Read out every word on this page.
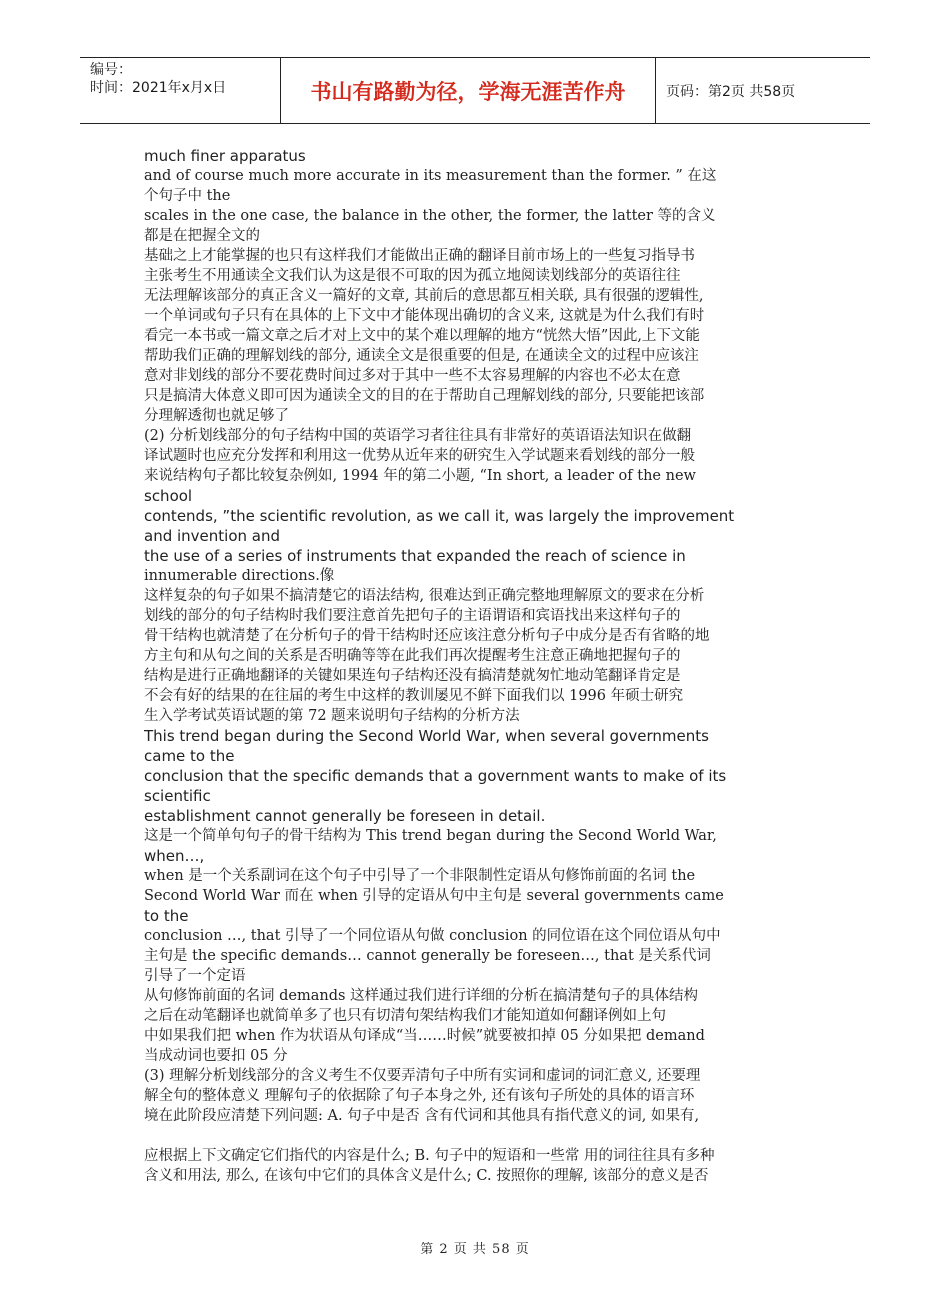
编号：
时间：2021年x月x日	书山有路勤为径，学海无涯苦作舟	页码：第2页 共58页
much finer apparatus
and of course much more accurate in its measurement than the former. ” 在这
个句子中 the
scales in the one case, the balance in the other, the former, the latter 等的含义
都是在把握全文的
基础之上才能掌握的也只有这样我们才能做出正确的翻译目前市场上的一些复习指导书
主张考生不用通读全文我们认为这是很不可取的因为孤立地阅读划线部分的英语往往
无法理解该部分的真正含义一篇好的文章, 其前后的意思都互相关联, 具有很强的逻辑性,
一个单词或句子只有在具体的上下文中才能体现出确切的含义来, 这就是为什么我们有时
看完一本书或一篇文章之后才对上文中的某个难以理解的地方“恍然大悟”因此,上下文能
帮助我们正确的理解划线的部分, 通读全文是很重要的但是, 在通读全文的过程中应该注
意对非划线的部分不要花费时间过多对于其中一些不太容易理解的内容也不必太在意
只是搞清大体意义即可因为通读全文的目的在于帮助自己理解划线的部分, 只要能把该部
分理解透彻也就足够了
(2) 分析划线部分的句子结构中国的英语学习者往往具有非常好的英语语法知识在做翻
译试题时也应充分发挥和利用这一优势从近年来的研究生入学试题来看划线的部分一般
来说结构句子都比较复杂例如, 1994 年的第二小题, “In short, a leader of the new
school
contends, ”the scientific revolution, as we call it, was largely the improvement
and invention and
the use of a series of instruments that expanded the reach of science in
innumerable directions.像
这样复杂的句子如果不搞清楚它的语法结构, 很难达到正确完整地理解原文的要求在分析
划线的部分的句子结构时我们要注意首先把句子的主语谓语和宾语找出来这样句子的
骨干结构也就清楚了在分析句子的骨干结构时还应该注意分析句子中成分是否有省略的地
方主句和从句之间的关系是否明确等等在此我们再次提醒考生注意正确地把握句子的
结构是进行正确地翻译的关键如果连句子结构还没有搞清楚就匆忙地动笔翻译肯定是
不会有好的结果的在往届的考生中这样的教训屡见不鲜下面我们以 1996 年硕士研究
生入学考试英语试题的第 72 题来说明句子结构的分析方法
This trend began during the Second World War, when several governments
came to the
conclusion that the specific demands that a government wants to make of its
scientific
establishment cannot generally be foreseen in detail.
这是一个简单句句子的骨干结构为 This trend began during the Second World War,
when…,
when 是一个关系副词在这个句子中引导了一个非限制性定语从句修饰前面的名词 the
Second World War 而在 when 引导的定语从句中主句是 several governments came
to the
conclusion …, that 引导了一个同位语从句做 conclusion 的同位语在这个同位语从句中
主句是 the specific demands… cannot generally be foreseen…, that 是关系代词
引导了一个定语
从句修饰前面的名词 demands 这样通过我们进行详细的分析在搞清楚句子的具体结构
之后在动笔翻译也就简单多了也只有切清句架结构我们才能知道如何翻译例如上句
中如果我们把 when 作为状语从句译成“当……时候”就要被扣掉 05 分如果把 demand
当成动词也要扣 05 分
(3) 理解分析划线部分的含义考生不仅要弄清句子中所有实词和虚词的词汇意义, 还要理
解全句的整体意义 理解句子的依据除了句子本身之外, 还有该句子所处的具体的语言环
境在此阶段应清楚下列问题: A. 句子中是否 含有代词和其他具有指代意义的词, 如果有,
应根据上下文确定它们指代的内容是什么; B. 句子中的短语和一些常 用的词往往具有多种
含义和用法, 那么, 在该句中它们的具体含义是什么; C. 按照你的理解, 该部分的意义是否
第 2 页 共 58 页
